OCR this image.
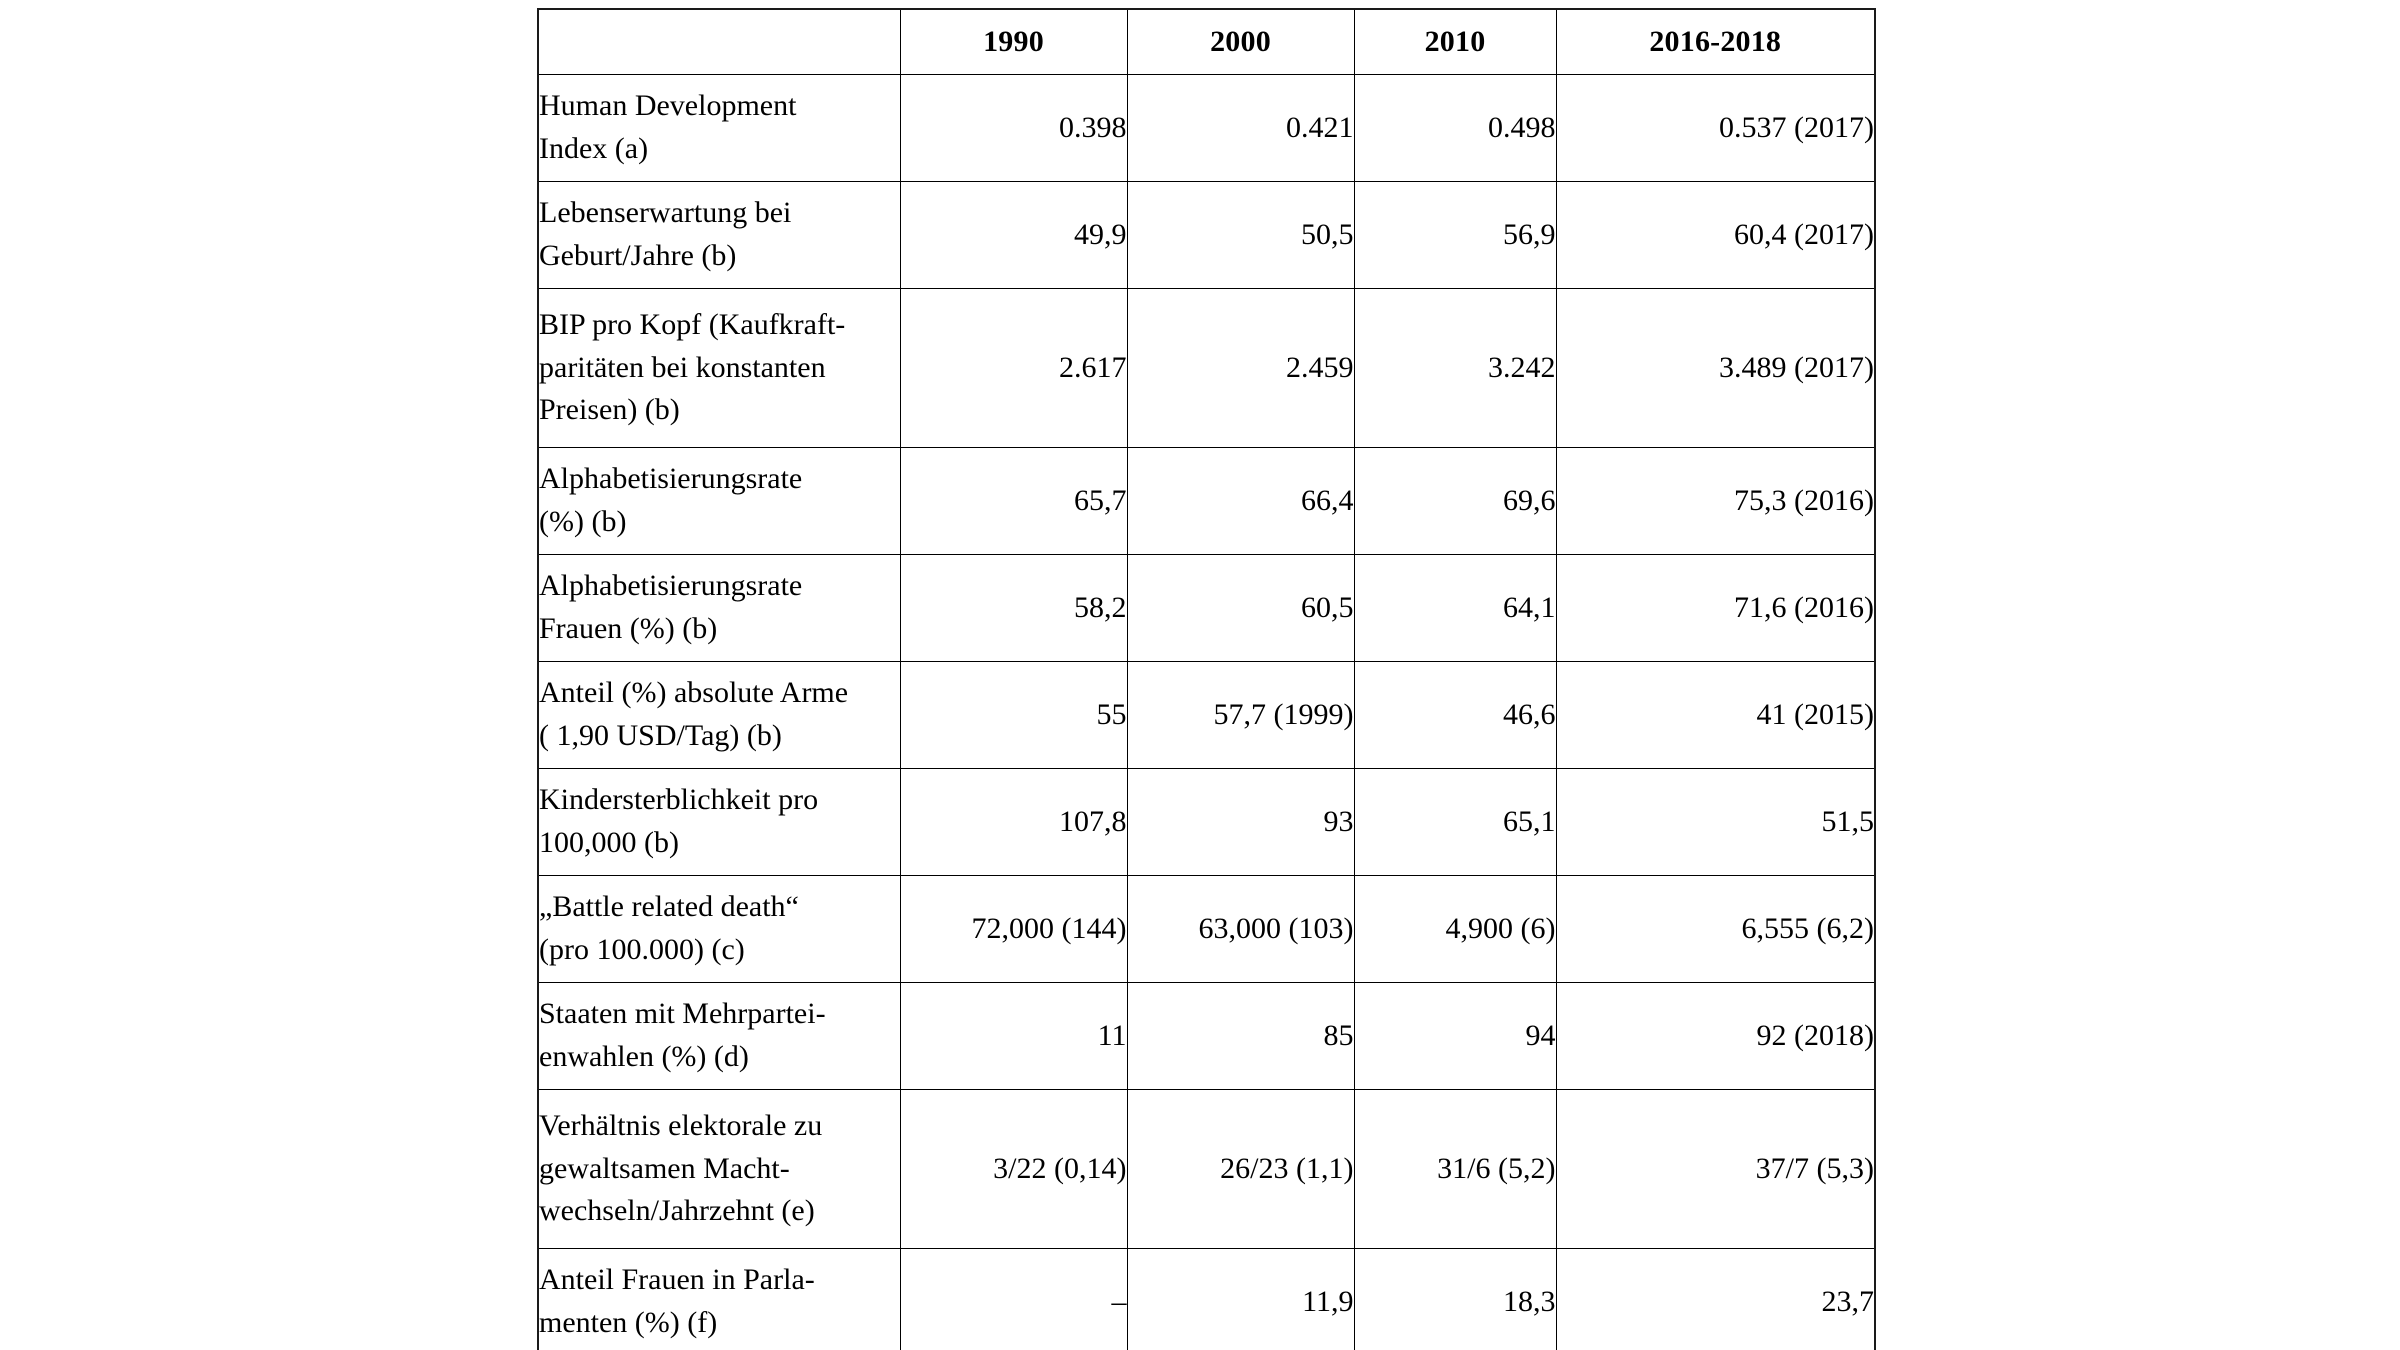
	1990	2000	2010	2016-2018

Human Development
Index (a)	0.398	0.421	0.498	0.537 (2017)

Lebenserwartung bei
Geburt/Jahre (b)	49,9	50,5	56,9	60,4 (2017)

BIP pro Kopf (Kaufkraft-
paritäten bei konstanten
Preisen) (b)	2.617	2.459	3.242	3.489 (2017)

Alphabetisierungsrate
(%) (b)	65,7	66,4	69,6	75,3 (2016)

Alphabetisierungsrate
Frauen (%) (b)	58,2	60,5	64,1	71,6 (2016)

Anteil (%) absolute Arme
( 1,90 USD/Tag) (b)	55	57,7 (1999)	46,6	41 (2015)

Kindersterblichkeit pro
100,000 (b)	107,8	93	65,1	51,5

„Battle related death“
(pro 100.000) (c)	72,000 (144)	63,000 (103)	4,900 (6)	6,555 (6,2)

Staaten mit Mehrpartei-
enwahlen (%) (d)	11	85	94	92 (2018)

Verhältnis elektorale zu
gewaltsamen Macht-
wechseln/Jahrzehnt (e)	3/22 (0,14)	26/23 (1,1)	31/6 (5,2)	37/7 (5,3)

Anteil Frauen in Parla-
menten (%) (f)	–	11,9	18,3	23,7
